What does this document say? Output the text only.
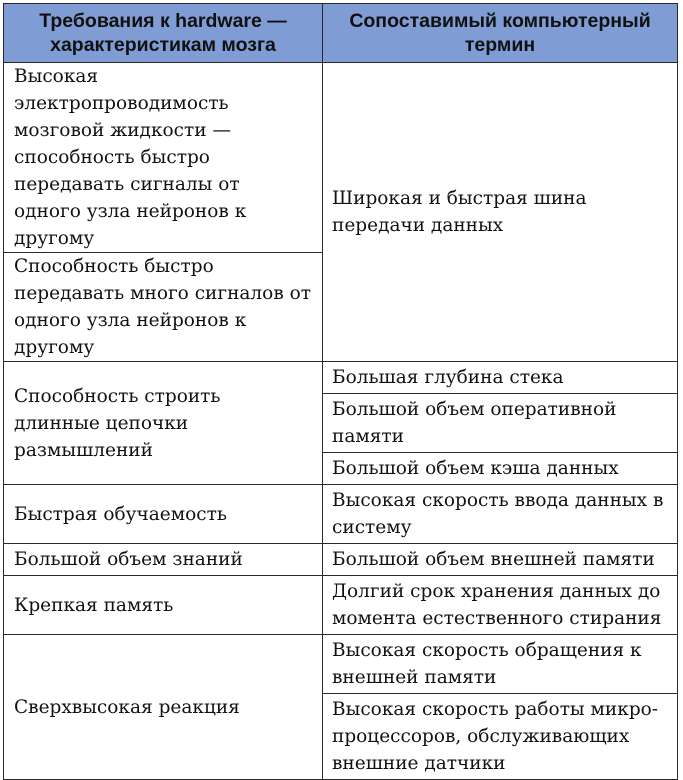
Требования к hardware — характеристикам мозга	Сопоставимый компьютерный термин
Высокая электропроводимость мозговой жидкости — способность быстро передавать сигналы от одного узла нейронов к другому	Широкая и быстрая шина передачи данных
Способность быстро передавать много сигналов от одного узла нейронов к другому	
Способность строить длинные цепочки размышлений	Большая глубина стека
	Большой объем оперативной памяти
	Большой объем кэша данных
Быстрая обучаемость	Высокая скорость ввода данных в систему
Большой объем знаний	Большой объем внешней памяти
Крепкая память	Долгий срок хранения данных до момента естественного стирания
Сверхвысокая реакция	Высокая скорость обращения к внешней памяти
	Высокая скорость работы микро-процессоров, обслуживающих внешние датчики
